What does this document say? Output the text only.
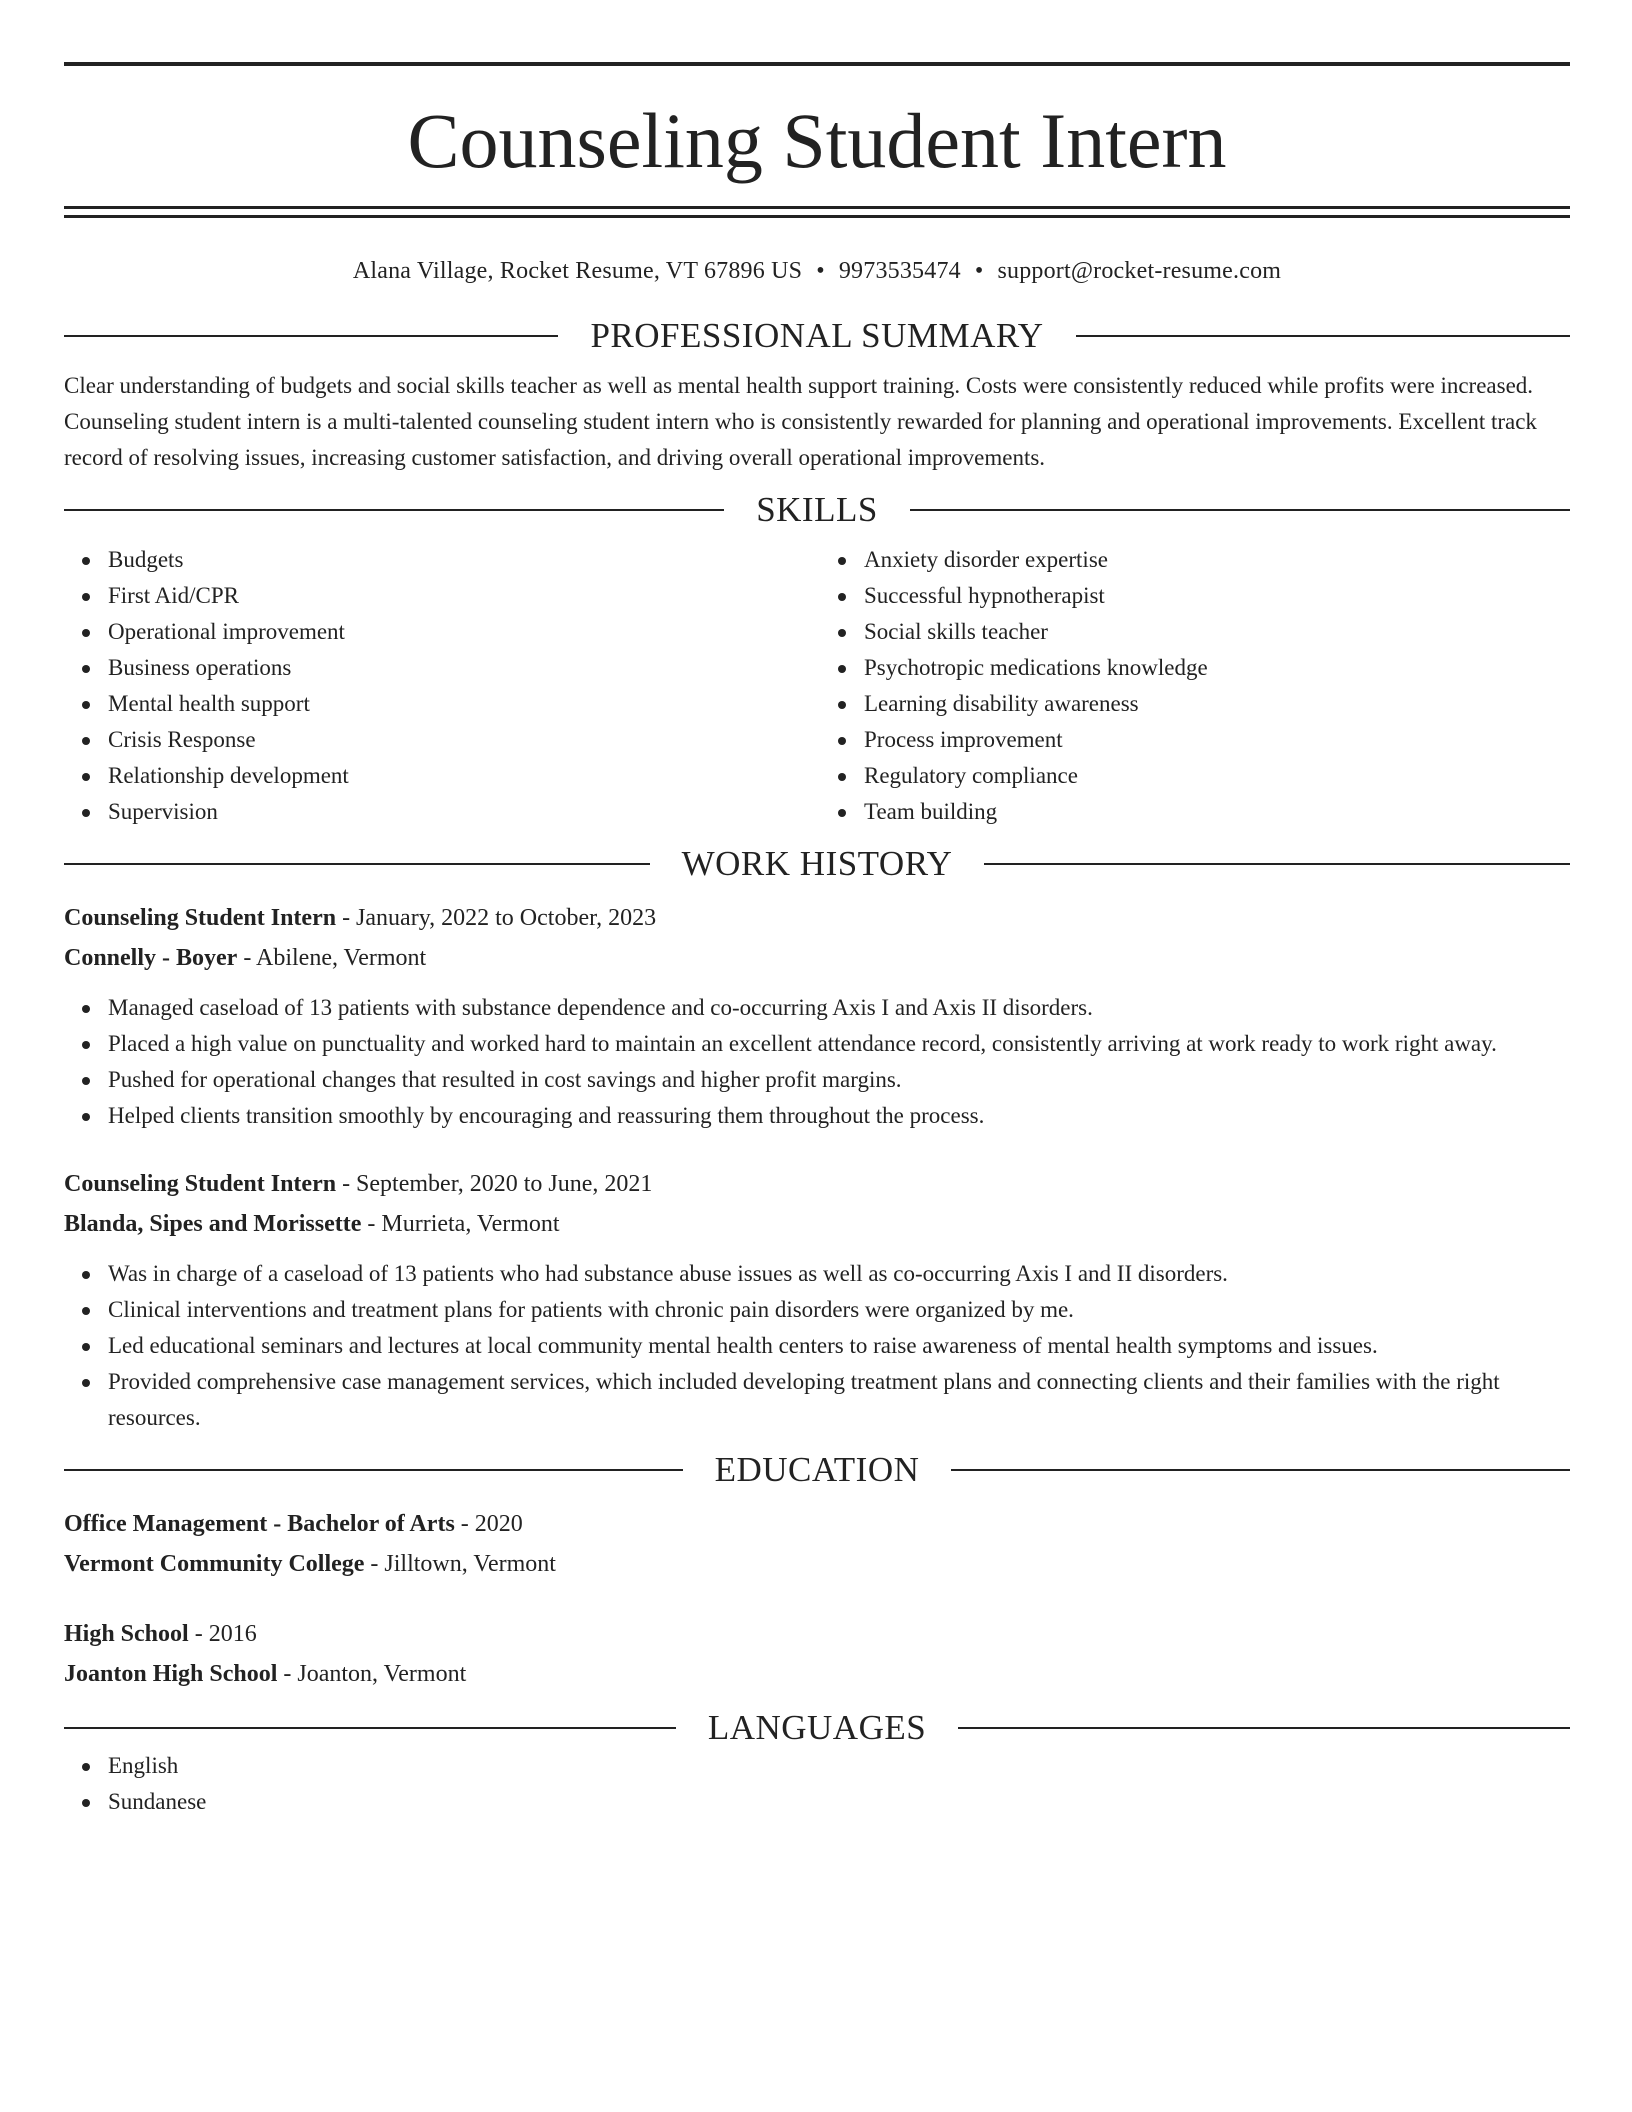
Counseling Student Intern
Alana Village, Rocket Resume, VT 67896 US • 9973535474 • support@rocket-resume.com
PROFESSIONAL SUMMARY
Clear understanding of budgets and social skills teacher as well as mental health support training. Costs were consistently reduced while profits were increased. Counseling student intern is a multi-talented counseling student intern who is consistently rewarded for planning and operational improvements. Excellent track record of resolving issues, increasing customer satisfaction, and driving overall operational improvements.
SKILLS
Budgets
First Aid/CPR
Operational improvement
Business operations
Mental health support
Crisis Response
Relationship development
Supervision
Anxiety disorder expertise
Successful hypnotherapist
Social skills teacher
Psychotropic medications knowledge
Learning disability awareness
Process improvement
Regulatory compliance
Team building
WORK HISTORY
Counseling Student Intern - January, 2022 to October, 2023
Connelly - Boyer - Abilene, Vermont
Managed caseload of 13 patients with substance dependence and co-occurring Axis I and Axis II disorders.
Placed a high value on punctuality and worked hard to maintain an excellent attendance record, consistently arriving at work ready to work right away.
Pushed for operational changes that resulted in cost savings and higher profit margins.
Helped clients transition smoothly by encouraging and reassuring them throughout the process.
Counseling Student Intern - September, 2020 to June, 2021
Blanda, Sipes and Morissette - Murrieta, Vermont
Was in charge of a caseload of 13 patients who had substance abuse issues as well as co-occurring Axis I and II disorders.
Clinical interventions and treatment plans for patients with chronic pain disorders were organized by me.
Led educational seminars and lectures at local community mental health centers to raise awareness of mental health symptoms and issues.
Provided comprehensive case management services, which included developing treatment plans and connecting clients and their families with the right resources.
EDUCATION
Office Management - Bachelor of Arts - 2020
Vermont Community College - Jilltown, Vermont
High School - 2016
Joanton High School - Joanton, Vermont
LANGUAGES
English
Sundanese
